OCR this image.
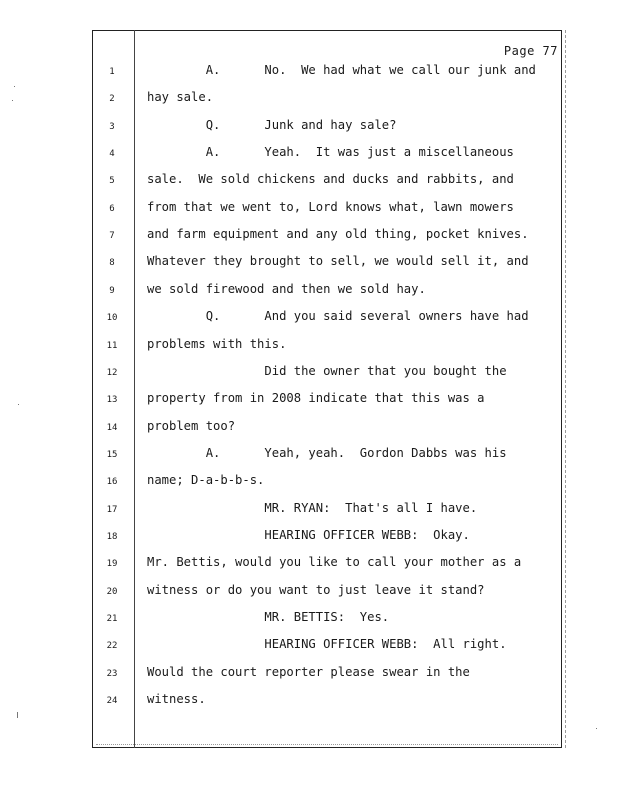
Page 77
1	A.      No.  We had what we call our junk and
2	hay sale.
3	Q.      Junk and hay sale?
4	A.      Yeah.  It was just a miscellaneous
5	sale.  We sold chickens and ducks and rabbits, and
6	from that we went to, Lord knows what, lawn mowers
7	and farm equipment and any old thing, pocket knives.
8	Whatever they brought to sell, we would sell it, and
9	we sold firewood and then we sold hay.
10	Q.      And you said several owners have had
11	problems with this.
12	Did the owner that you bought the
13	property from in 2008 indicate that this was a
14	problem too?
15	A.      Yeah, yeah.  Gordon Dabbs was his
16	name; D-a-b-b-s.
17	MR. RYAN:  That's all I have.
18	HEARING OFFICER WEBB:  Okay.
19	Mr. Bettis, would you like to call your mother as a
20	witness or do you want to just leave it stand?
21	MR. BETTIS:  Yes.
22	HEARING OFFICER WEBB:  All right.
23	Would the court reporter please swear in the
24	witness.
